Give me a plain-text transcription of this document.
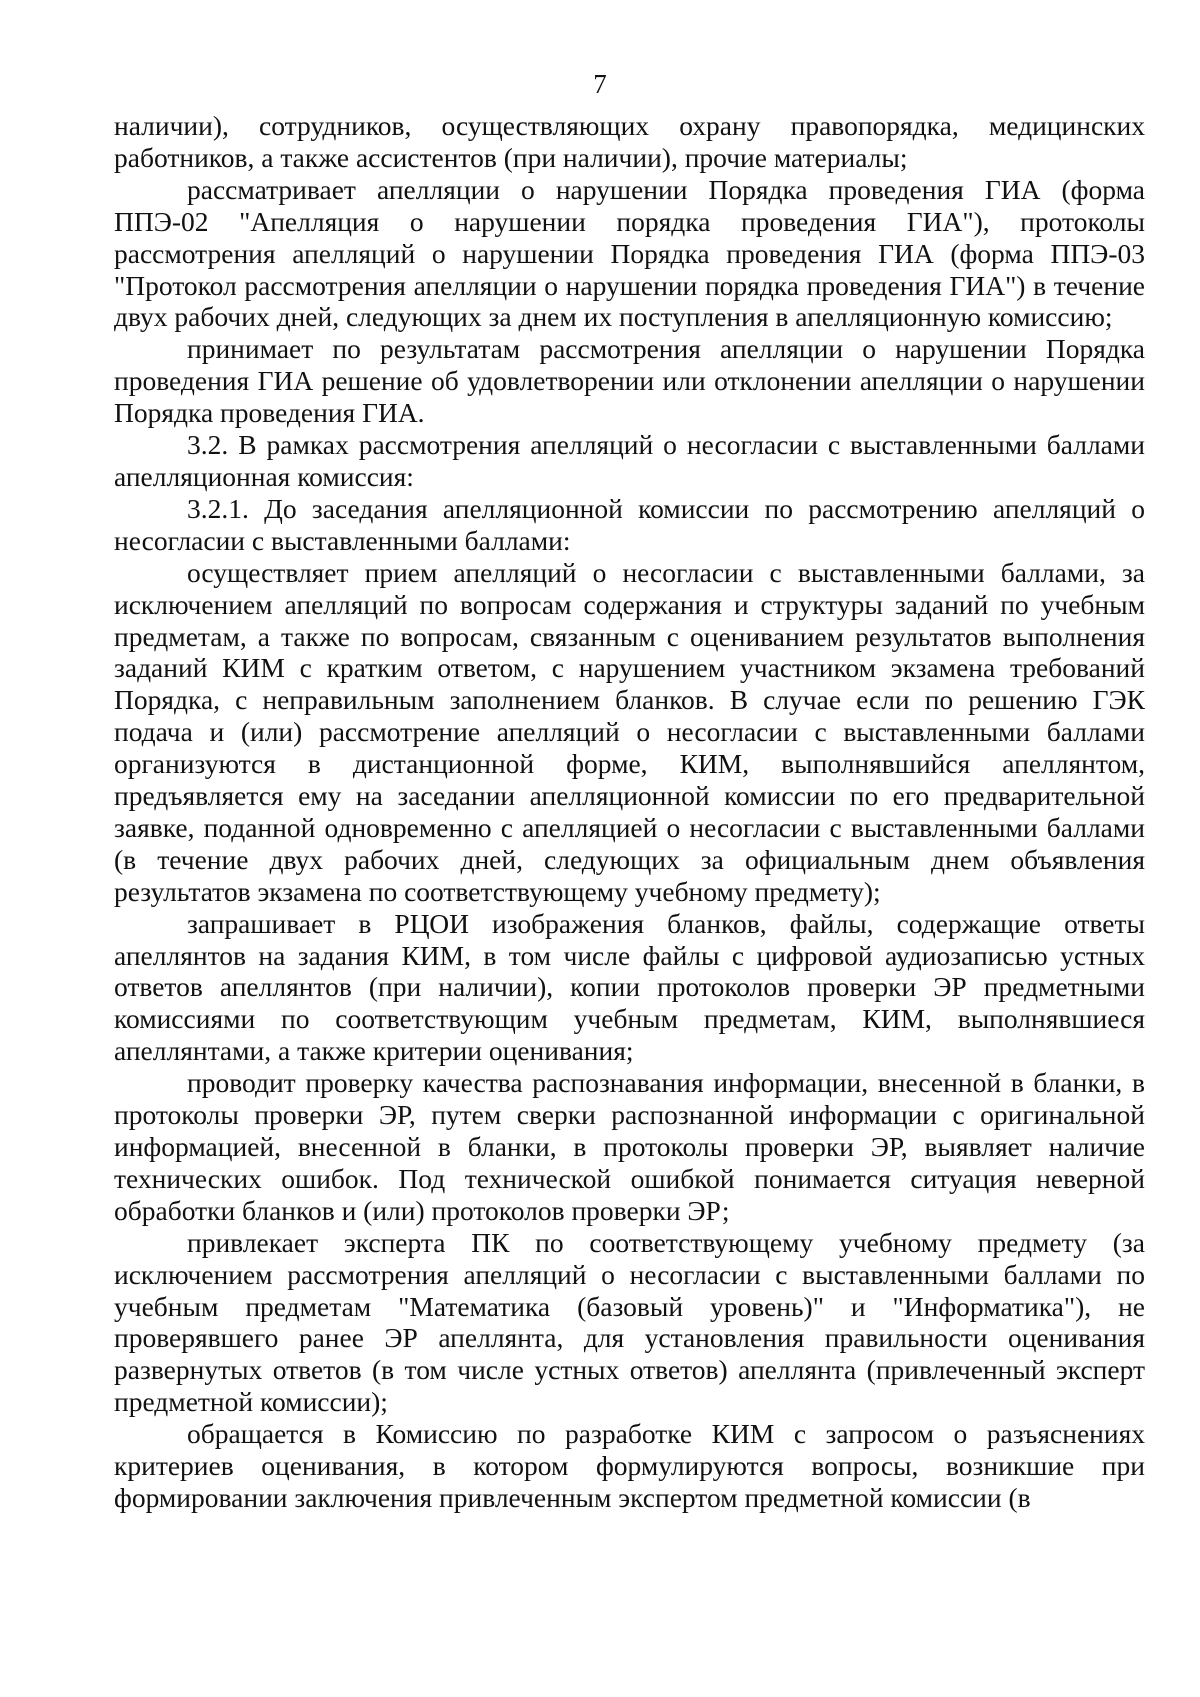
7

наличии), сотрудников, осуществляющих охрану правопорядка, медицинских работников, а также ассистентов (при наличии), прочие материалы;

рассматривает апелляции о нарушении Порядка проведения ГИА (форма ППЭ-02 "Апелляция о нарушении порядка проведения ГИА"), протоколы рассмотрения апелляций о нарушении Порядка проведения ГИА (форма ППЭ-03 "Протокол рассмотрения апелляции о нарушении порядка проведения ГИА") в течение двух рабочих дней, следующих за днем их поступления в апелляционную комиссию;

принимает по результатам рассмотрения апелляции о нарушении Порядка проведения ГИА решение об удовлетворении или отклонении апелляции о нарушении Порядка проведения ГИА.

3.2. В рамках рассмотрения апелляций о несогласии с выставленными баллами апелляционная комиссия:

3.2.1. До заседания апелляционной комиссии по рассмотрению апелляций о несогласии с выставленными баллами:

осуществляет прием апелляций о несогласии с выставленными баллами, за исключением апелляций по вопросам содержания и структуры заданий по учебным предметам, а также по вопросам, связанным с оцениванием результатов выполнения заданий КИМ с кратким ответом, с нарушением участником экзамена требований Порядка, с неправильным заполнением бланков. В случае если по решению ГЭК подача и (или) рассмотрение апелляций о несогласии с выставленными баллами организуются в дистанционной форме, КИМ, выполнявшийся апеллянтом, предъявляется ему на заседании апелляционной комиссии по его предварительной заявке, поданной одновременно с апелляцией о несогласии с выставленными баллами (в течение двух рабочих дней, следующих за официальным днем объявления результатов экзамена по соответствующему учебному предмету);

запрашивает в РЦОИ изображения бланков, файлы, содержащие ответы апеллянтов на задания КИМ, в том числе файлы с цифровой аудиозаписью устных ответов апеллянтов (при наличии), копии протоколов проверки ЭР предметными комиссиями по соответствующим учебным предметам, КИМ, выполнявшиеся апеллянтами, а также критерии оценивания;

проводит проверку качества распознавания информации, внесенной в бланки, в протоколы проверки ЭР, путем сверки распознанной информации с оригинальной информацией, внесенной в бланки, в протоколы проверки ЭР, выявляет наличие технических ошибок. Под технической ошибкой понимается ситуация неверной обработки бланков и (или) протоколов проверки ЭР;

привлекает эксперта ПК по соответствующему учебному предмету (за исключением рассмотрения апелляций о несогласии с выставленными баллами по учебным предметам "Математика (базовый уровень)" и "Информатика"), не проверявшего ранее ЭР апеллянта, для установления правильности оценивания развернутых ответов (в том числе устных ответов) апеллянта (привлеченный эксперт предметной комиссии);

обращается в Комиссию по разработке КИМ с запросом о разъяснениях критериев оценивания, в котором формулируются вопросы, возникшие при формировании заключения привлеченным экспертом предметной комиссии (в
